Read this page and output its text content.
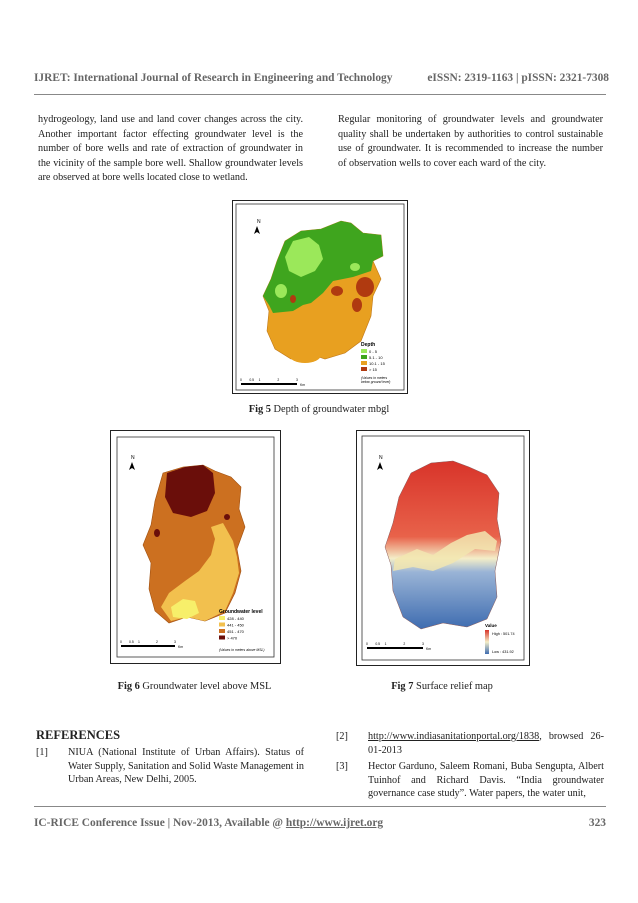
IJRET: International Journal of Research in Engineering and Technology	eISSN: 2319-1163 | pISSN: 2321-7308

hydrogeology, land use and land cover changes across the city. Another important factor effecting groundwater level is the number of bore wells and rate of extraction of groundwater in the vicinity of the sample bore well. Shallow groundwater levels are observed at bore wells located close to wetland.

Regular monitoring of groundwater levels and groundwater quality shall be undertaken by authorities to control sustainable use of groundwater. It is recommended to increase the number of observation wells to cover each ward of the city.

N
Depth
0 - 5
5.1 - 10
10.1 - 15
> 15
(Values in meters below ground level)
0 0.5 1	2	3
Km
Fig 5 Depth of groundwater mbgl
N
Groundwater level
428 - 440
441 - 450
451 - 470
> 470
(Values in meters above MSL)
0 0.5 1	2	3
Km
Fig 6 Groundwater level above MSL
N
Value
High : 501.74
Low : 431.92
0 0.5 1	2	3
Km
Fig 7 Surface relief map
REFERENCES
[1] NIUA (National Institute of Urban Affairs). Status of Water Supply, Sanitation and Solid Waste Management in Urban Areas, New Delhi, 2005.
[2] http://www.indiasanitationportal.org/1838, browsed 26-01-2013
[3] Hector Garduno, Saleem Romani, Buba Sengupta, Albert Tuinhof and Richard Davis. “India groundwater governance case study”. Water papers, the water unit,
IC-RICE Conference Issue | Nov-2013, Available @ http://www.ijret.org	323
